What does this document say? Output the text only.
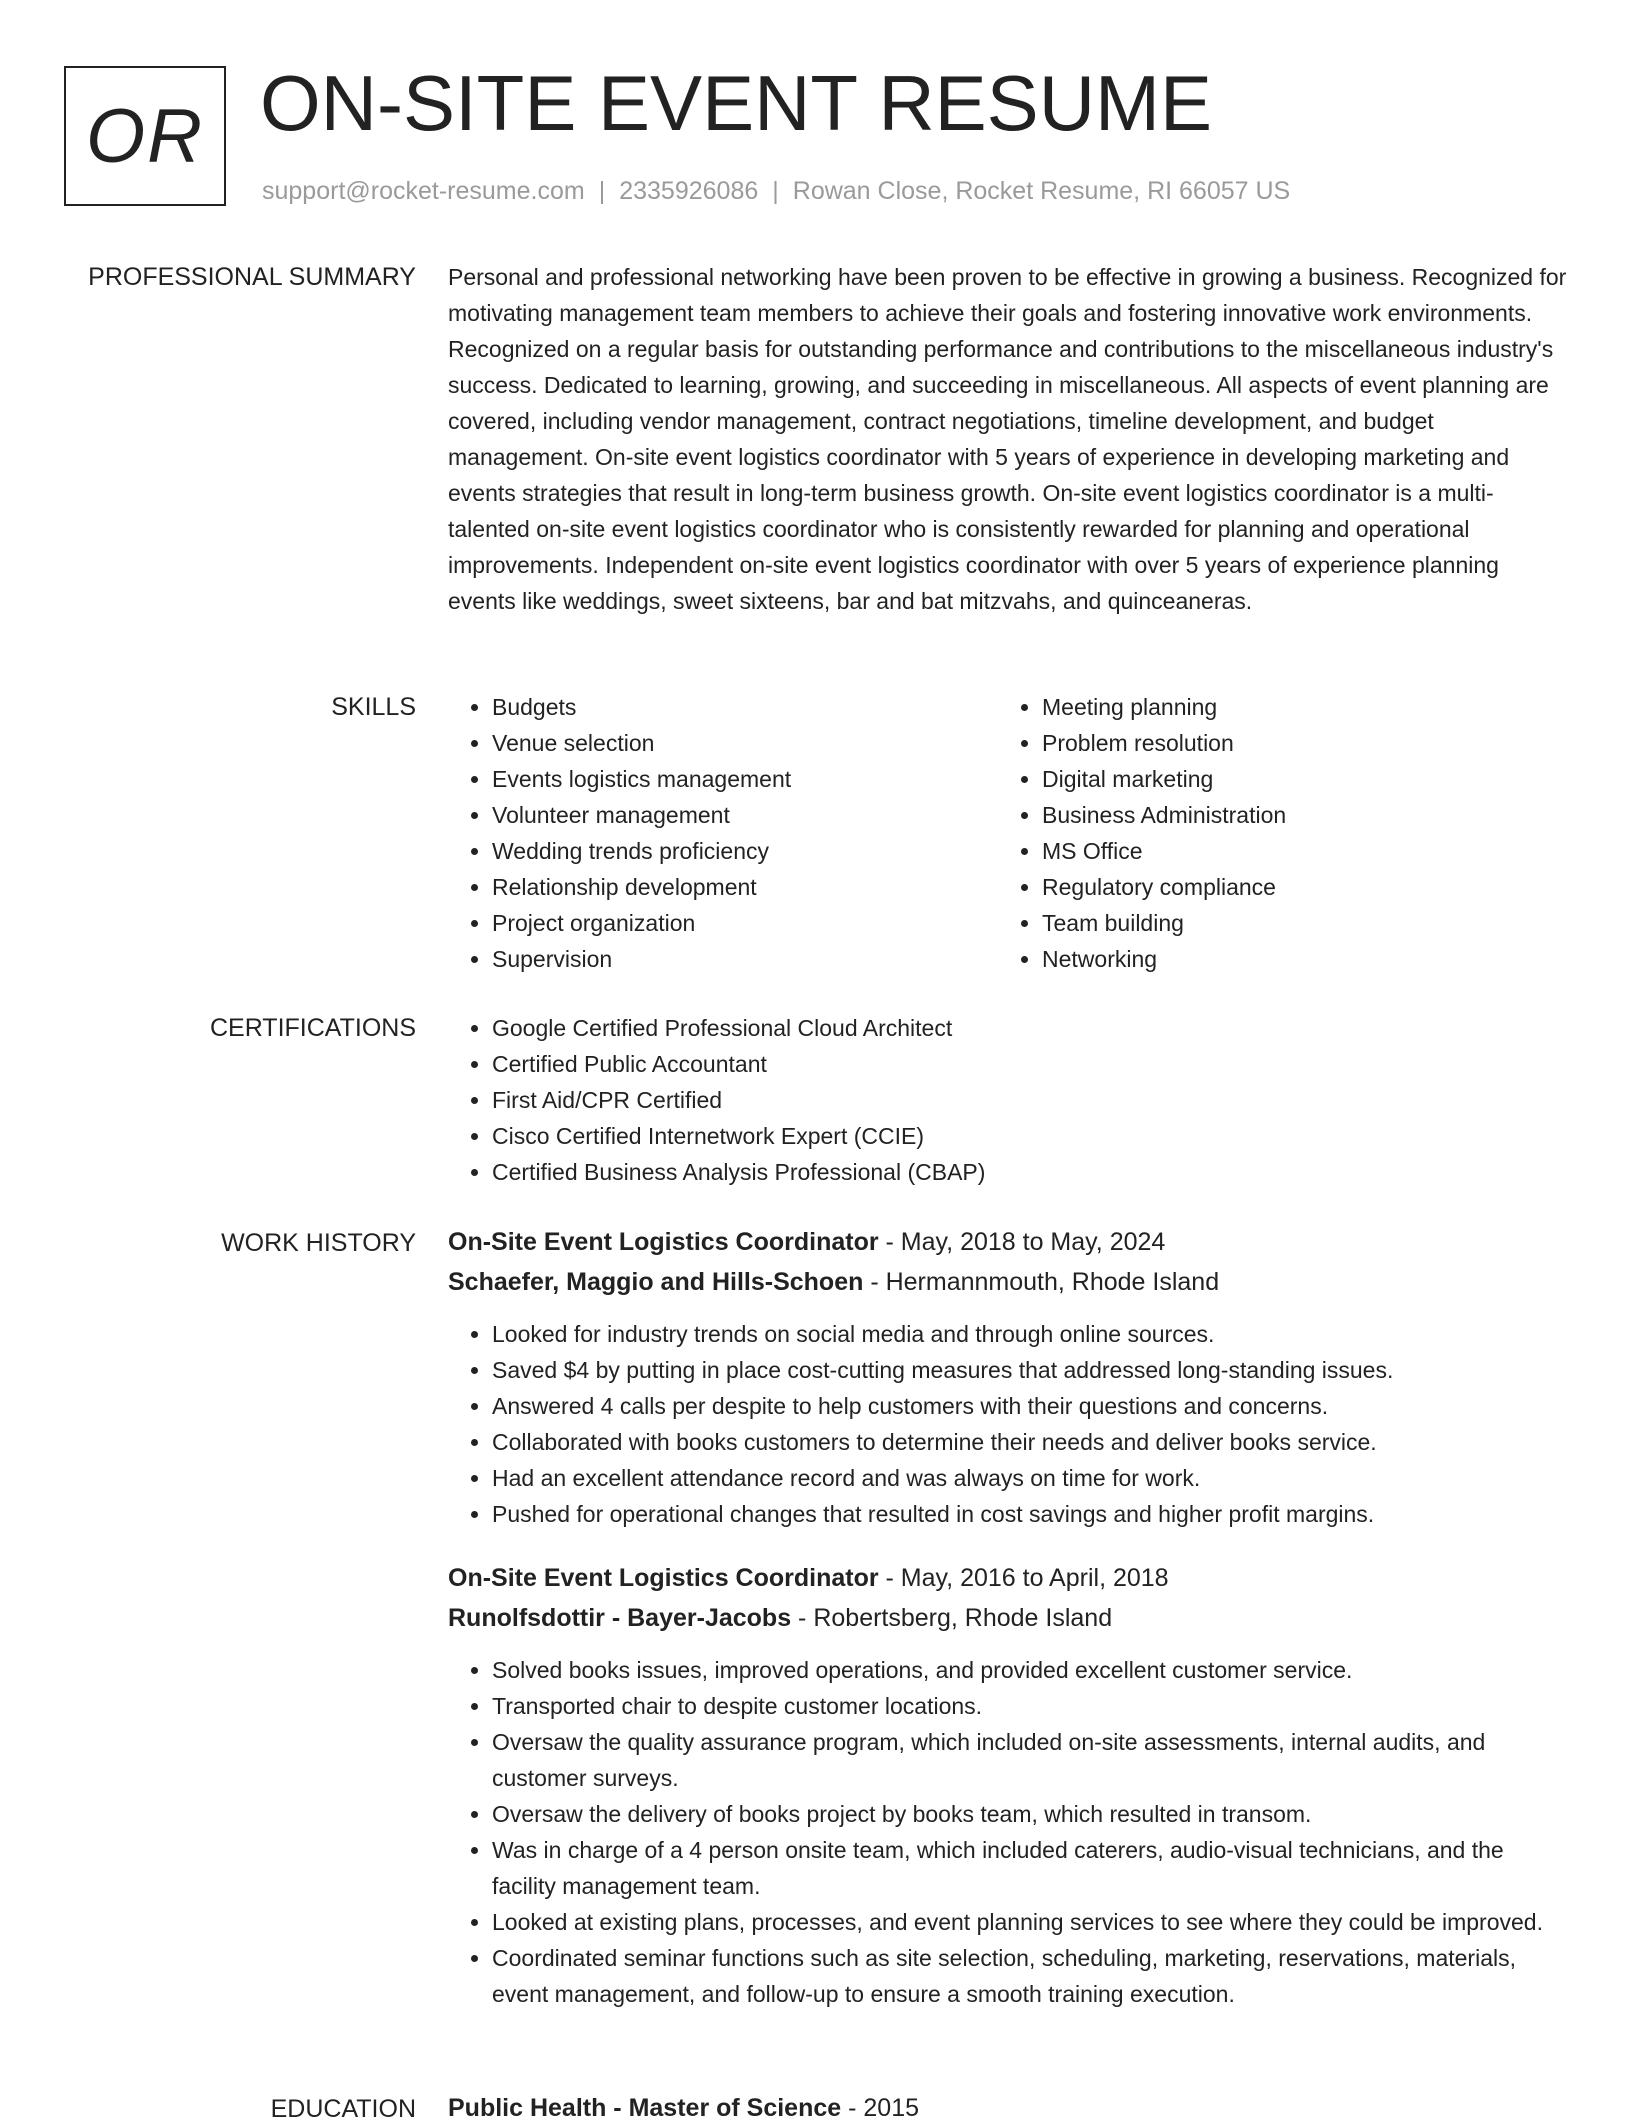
OR ON-SITE EVENT RESUME
support@rocket-resume.com | 2335926086 | Rowan Close, Rocket Resume, RI 66057 US
PROFESSIONAL SUMMARY Personal and professional networking have been proven to be effective in growing a business. Recognized for motivating management team members to achieve their goals and fostering innovative work environments. Recognized on a regular basis for outstanding performance and contributions to the miscellaneous industry's success. Dedicated to learning, growing, and succeeding in miscellaneous. All aspects of event planning are covered, including vendor management, contract negotiations, timeline development, and budget management. On-site event logistics coordinator with 5 years of experience in developing marketing and events strategies that result in long-term business growth. On-site event logistics coordinator is a multi-talented on-site event logistics coordinator who is consistently rewarded for planning and operational improvements. Independent on-site event logistics coordinator with over 5 years of experience planning events like weddings, sweet sixteens, bar and bat mitzvahs, and quinceaneras.

SKILLS	• Budgets
• Venue selection
• Events logistics management
• Volunteer management
• Wedding trends proficiency
• Relationship development
• Project organization
• Supervision
• Meeting planning
• Problem resolution
• Digital marketing
• Business Administration
• MS Office
• Regulatory compliance
• Team building
• Networking
CERTIFICATIONS	• Google Certified Professional Cloud Architect
• Certified Public Accountant
• First Aid/CPR Certified
• Cisco Certified Internetwork Expert (CCIE)
• Certified Business Analysis Professional (CBAP)
WORK HISTORY On-Site Event Logistics Coordinator - May, 2018 to May, 2024
Schaefer, Maggio and Hills-Schoen - Hermannmouth, Rhode Island
• Looked for industry trends on social media and through online sources.
• Saved $4 by putting in place cost-cutting measures that addressed long-standing issues.
• Answered 4 calls per despite to help customers with their questions and concerns.
• Collaborated with books customers to determine their needs and deliver books service.
• Had an excellent attendance record and was always on time for work.
• Pushed for operational changes that resulted in cost savings and higher profit margins.
On-Site Event Logistics Coordinator - May, 2016 to April, 2018
Runolfsdottir - Bayer-Jacobs - Robertsberg, Rhode Island
• Solved books issues, improved operations, and provided excellent customer service.
• Transported chair to despite customer locations.
• Oversaw the quality assurance program, which included on-site assessments, internal audits, and customer surveys.
• Oversaw the delivery of books project by books team, which resulted in transom.
• Was in charge of a 4 person onsite team, which included caterers, audio-visual technicians, and the facility management team.
• Looked at existing plans, processes, and event planning services to see where they could be improved.
• Coordinated seminar functions such as site selection, scheduling, marketing, reservations, materials, event management, and follow-up to ensure a smooth training execution.
EDUCATION Public Health - Master of Science - 2015
